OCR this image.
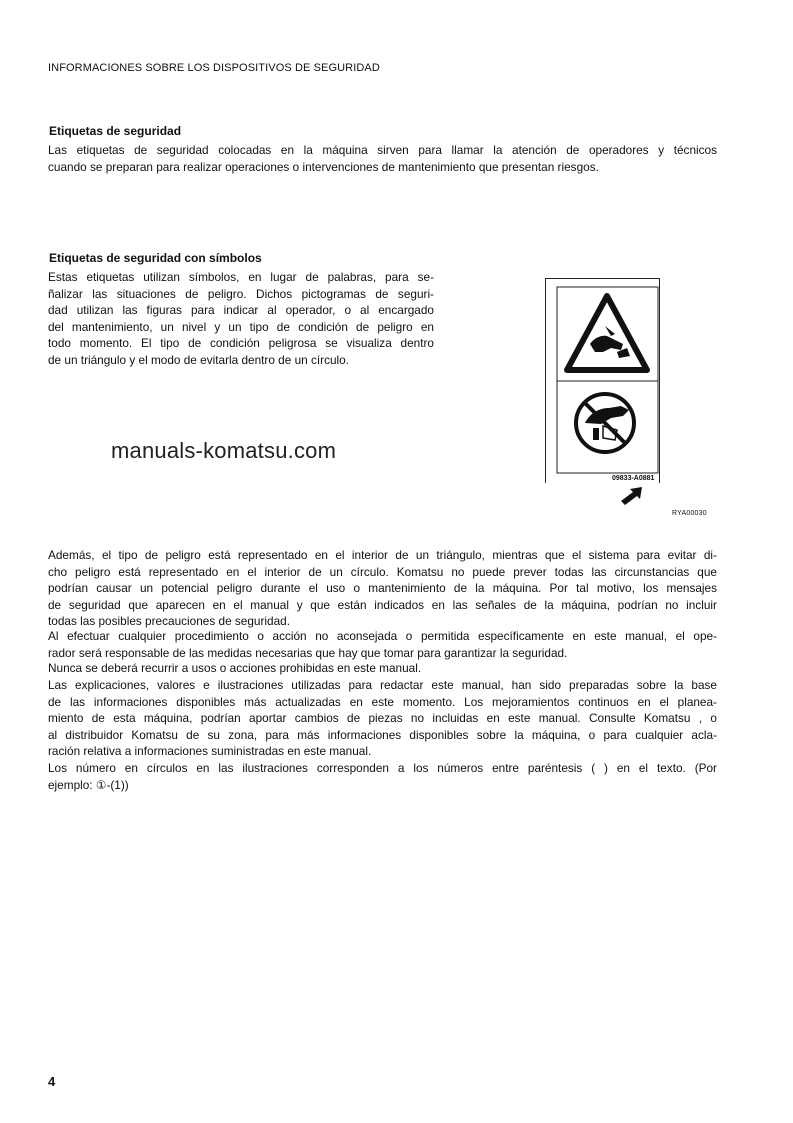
INFORMACIONES SOBRE LOS DISPOSITIVOS DE SEGURIDAD
Etiquetas de seguridad
Las etiquetas de seguridad colocadas en la máquina sirven para llamar la atención de operadores y técnicos
cuando se preparan para realizar operaciones o intervenciones de mantenimiento que presentan riesgos.
Etiquetas de seguridad con símbolos
Estas etiquetas utilizan símbolos, en lugar de palabras, para se-
ñalizar las situaciones de peligro. Dichos pictogramas de seguri-
dad utilizan las figuras para indicar al operador, o al encargado
del mantenimiento, un nivel y un tipo de condición de peligro en
todo momento. El tipo de condición peligrosa se visualiza dentro
de un triángulo y el modo de evitarla dentro de un círculo.
manuals-komatsu.com
09833-A0881
RYA00030
Además, el tipo de peligro está representado en el interior de un triángulo, mientras que el sistema para evitar di-
cho peligro está representado en el interior de un círculo. Komatsu no puede prever todas las circunstancias que
podrían causar un potencial peligro durante el uso o mantenimiento de la máquina. Por tal motivo, los mensajes
de seguridad que aparecen en el manual y que están indicados en las señales de la máquina, podrían no incluir
todas las posibles precauciones de seguridad.
Al efectuar cualquier procedimiento o acción no aconsejada o permitida específicamente en este manual, el ope-
rador será responsable de las medidas necesarias que hay que tomar para garantizar la seguridad.
Nunca se deberá recurrir a usos o acciones prohibidas en este manual.
Las explicaciones, valores e ilustraciones utilizadas para redactar este manual, han sido preparadas sobre la base
de las informaciones disponibles más actualizadas en este momento. Los mejoramientos continuos en el planea-
miento de esta máquina, podrían aportar cambios de piezas no incluidas en este manual. Consulte Komatsu , o
al distribuidor Komatsu de su zona, para más informaciones disponibles sobre la máquina, o para cualquier acla-
ración relativa a informaciones suministradas en este manual.
Los número en círculos en las ilustraciones corresponden a los números entre paréntesis ( ) en el texto. (Por
ejemplo: ①-(1))
4
